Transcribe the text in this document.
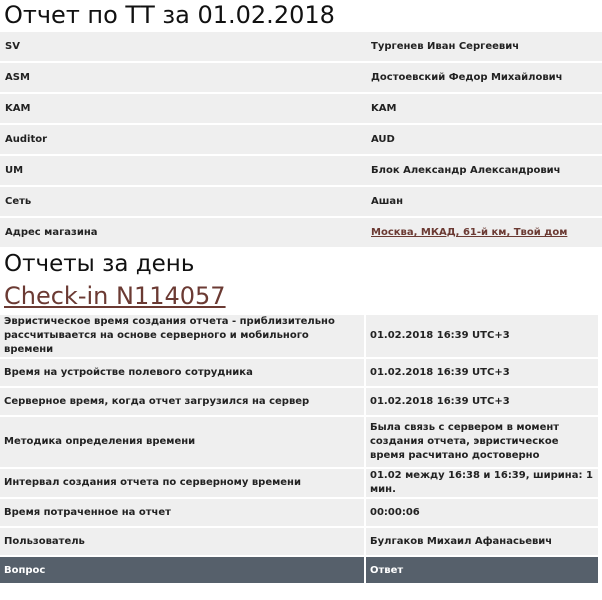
Отчет по ТТ за 01.02.2018
SV	Тургенев Иван Сергеевич
ASM	Достоевский Федор Михайлович
KAM	KAM
Auditor	AUD
UM	Блок Александр Александрович
Сеть	Ашан
Адрес магазина	Москва, МКАД, 61-й км, Твой дом
Отчеты за день
Check-in N114057
Эвристическое время создания отчета - приблизительно рассчитывается на основе серверного и мобильного времени	01.02.2018 16:39 UTC+3
Время на устройстве полевого сотрудника	01.02.2018 16:39 UTC+3
Серверное время, когда отчет загрузился на сервер	01.02.2018 16:39 UTC+3
Методика определения времени	Была связь с сервером в момент создания отчета, эвристическое время расчитано достоверно
Интервал создания отчета по серверному времени	01.02 между 16:38 и 16:39, ширина: 1 мин.
Время потраченное на отчет	00:00:06
Пользователь	Булгаков Михаил Афанасьевич
Вопрос	Ответ
